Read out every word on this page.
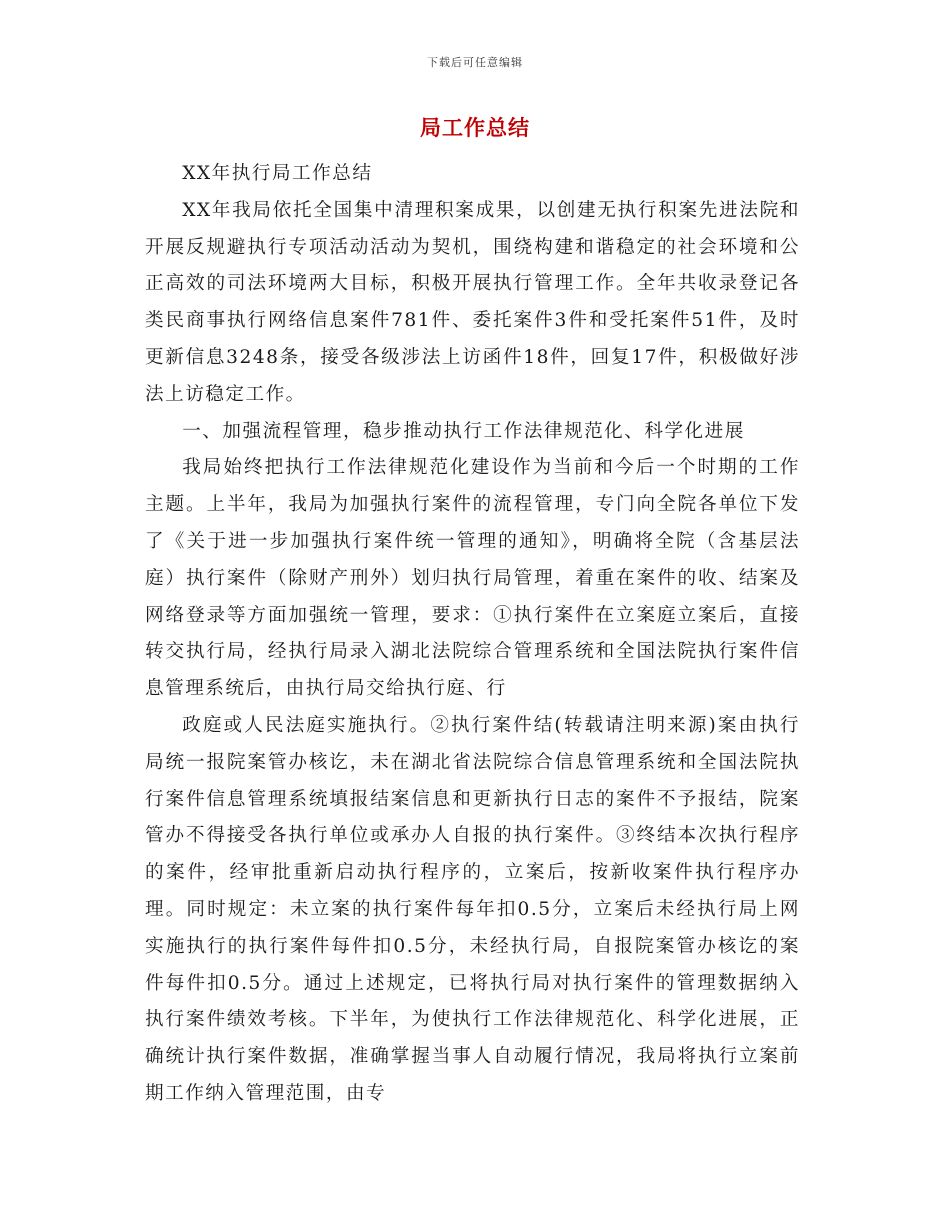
下载后可任意编辑
局工作总结

XX年执行局工作总结

XX年我局依托全国集中清理积案成果，以创建无执行积案先进法院和开展反规避执行专项活动活动为契机，围绕构建和谐稳定的社会环境和公正高效的司法环境两大目标，积极开展执行管理工作。全年共收录登记各类民商事执行网络信息案件781件、委托案件3件和受托案件51件，及时更新信息3248条，接受各级涉法上访函件18件，回复17件，积极做好涉法上访稳定工作。

一、加强流程管理，稳步推动执行工作法律规范化、科学化进展

我局始终把执行工作法律规范化建设作为当前和今后一个时期的工作主题。上半年，我局为加强执行案件的流程管理，专门向全院各单位下发了《关于进一步加强执行案件统一管理的通知》，明确将全院（含基层法庭）执行案件（除财产刑外）划归执行局管理，着重在案件的收、结案及网络登录等方面加强统一管理，要求：①执行案件在立案庭立案后，直接转交执行局，经执行局录入湖北法院综合管理系统和全国法院执行案件信息管理系统后，由执行局交给执行庭、行

政庭或人民法庭实施执行。②执行案件结(转载请注明来源)案由执行局统一报院案管办核讫，未在湖北省法院综合信息管理系统和全国法院执行案件信息管理系统填报结案信息和更新执行日志的案件不予报结，院案管办不得接受各执行单位或承办人自报的执行案件。③终结本次执行程序的案件，经审批重新启动执行程序的，立案后，按新收案件执行程序办理。同时规定：未立案的执行案件每年扣0.5分，立案后未经执行局上网实施执行的执行案件每件扣0.5分，未经执行局，自报院案管办核讫的案件每件扣0.5分。通过上述规定，已将执行局对执行案件的管理数据纳入执行案件绩效考核。下半年，为使执行工作法律规范化、科学化进展，正确统计执行案件数据，准确掌握当事人自动履行情况，我局将执行立案前期工作纳入管理范围，由专
